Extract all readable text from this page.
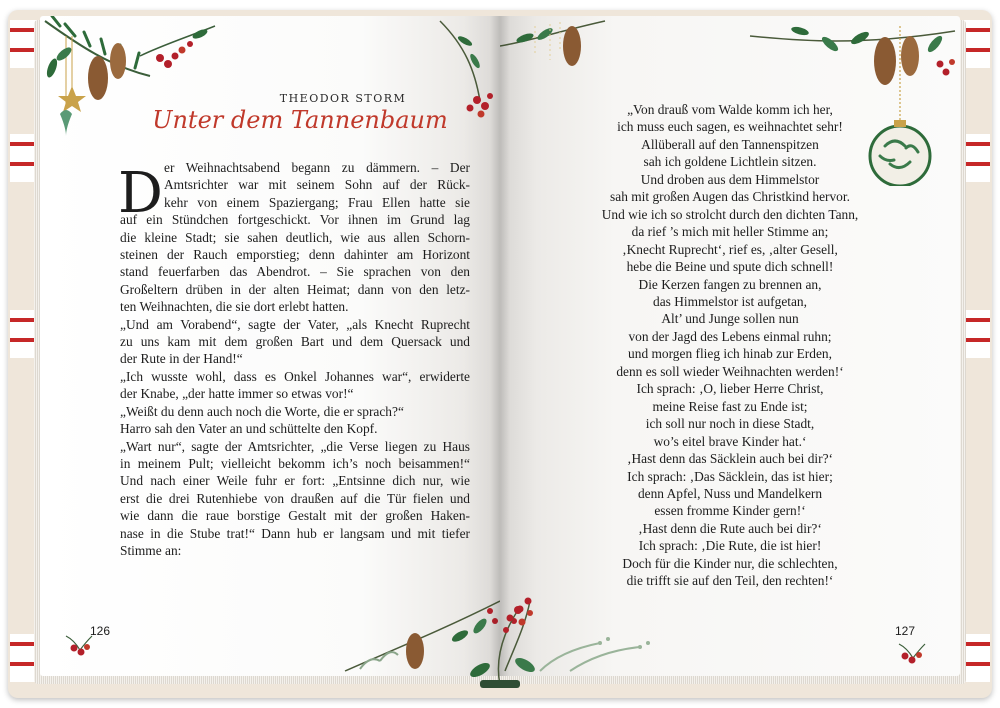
THEODOR STORM
Unter dem Tannenbaum
D er Weihnachtsabend begann zu dämmern. – Der
Amtsrichter war mit seinem Sohn auf der Rück-
kehr von einem Spaziergang; Frau Ellen hatte sie
auf ein Stündchen fortgeschickt. Vor ihnen im Grund lag
die kleine Stadt; sie sahen deutlich, wie aus allen Schorn-
steinen der Rauch emporstieg; denn dahinter am Horizont
stand feuerfarben das Abendrot. – Sie sprachen von den
Großeltern drüben in der alten Heimat; dann von den letz-
ten Weihnachten, die sie dort erlebt hatten.
„Und am Vorabend“, sagte der Vater, „als Knecht Ruprecht
zu uns kam mit dem großen Bart und dem Quersack und
der Rute in der Hand!“
„Ich wusste wohl, dass es Onkel Johannes war“, erwiderte
der Knabe, „der hatte immer so etwas vor!“
„Weißt du denn auch noch die Worte, die er sprach?“
Harro sah den Vater an und schüttelte den Kopf.
„Wart nur“, sagte der Amtsrichter, „die Verse liegen zu Haus
in meinem Pult; vielleicht bekomm ich’s noch beisammen!“
Und nach einer Weile fuhr er fort: „Entsinne dich nur, wie
erst die drei Rutenhiebe von draußen auf die Tür fielen und
wie dann die raue borstige Gestalt mit der großen Haken-
nase in die Stube trat!“ Dann hub er langsam und mit tiefer
Stimme an:
126
„Von drauß vom Walde komm ich her,
ich muss euch sagen, es weihnachtet sehr!
Allüberall auf den Tannenspitzen
sah ich goldene Lichtlein sitzen.
Und droben aus dem Himmelstor
sah mit großen Augen das Christkind hervor.
Und wie ich so strolcht durch den dichten Tann,
da rief ’s mich mit heller Stimme an;
‚Knecht Ruprecht‘, rief es, ‚alter Gesell,
hebe die Beine und spute dich schnell!
Die Kerzen fangen zu brennen an,
das Himmelstor ist aufgetan,
Alt’ und Junge sollen nun
von der Jagd des Lebens einmal ruhn;
und morgen flieg ich hinab zur Erden,
denn es soll wieder Weihnachten werden!‘
Ich sprach: ‚O, lieber Herre Christ,
meine Reise fast zu Ende ist;
ich soll nur noch in diese Stadt,
wo’s eitel brave Kinder hat.‘
‚Hast denn das Säcklein auch bei dir?‘
Ich sprach: ‚Das Säcklein, das ist hier;
denn Apfel, Nuss und Mandelkern
essen fromme Kinder gern!‘
‚Hast denn die Rute auch bei dir?‘
Ich sprach: ‚Die Rute, die ist hier!
Doch für die Kinder nur, die schlechten,
die trifft sie auf den Teil, den rechten!‘
127
